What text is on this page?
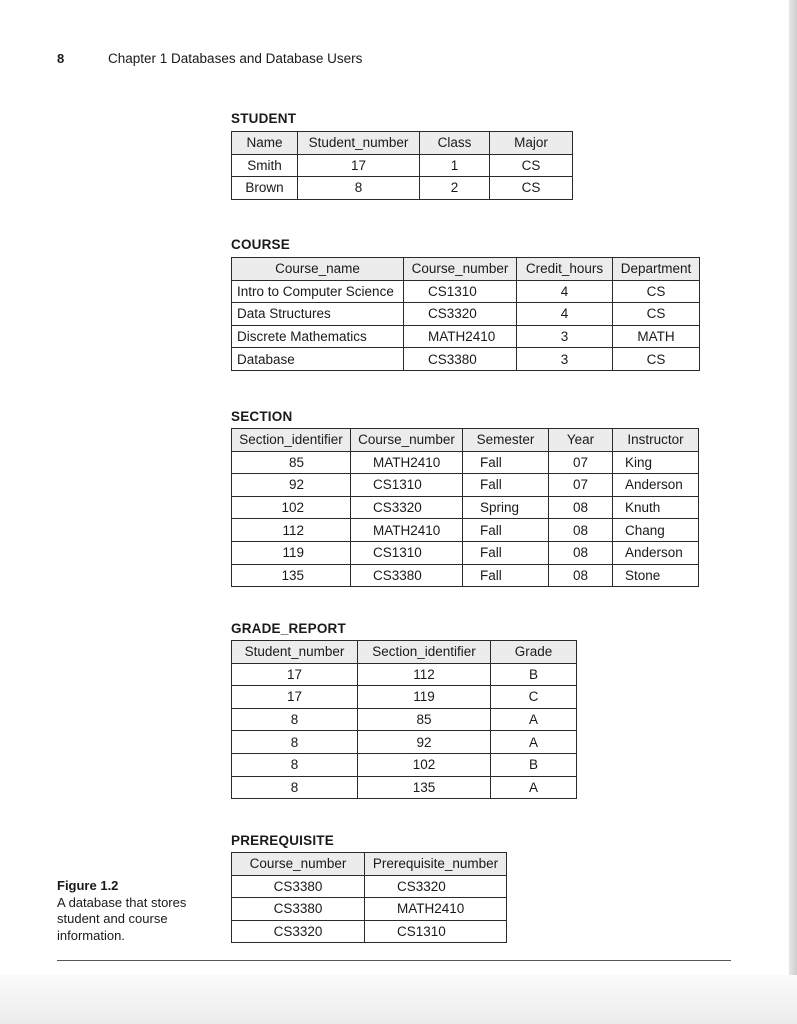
8	Chapter 1 Databases and Database Users
STUDENT
Name	Student_number	Class	Major
Smith	17	1	CS
Brown	8	2	CS
COURSE
Course_name	Course_number	Credit_hours	Department
Intro to Computer Science	CS1310	4	CS
Data Structures	CS3320	4	CS
Discrete Mathematics	MATH2410	3	MATH
Database	CS3380	3	CS
SECTION
Section_identifier	Course_number	Semester	Year	Instructor
85	MATH2410	Fall	07	King
92	CS1310	Fall	07	Anderson
102	CS3320	Spring	08	Knuth
112	MATH2410	Fall	08	Chang
119	CS1310	Fall	08	Anderson
135	CS3380	Fall	08	Stone
GRADE_REPORT
Student_number	Section_identifier	Grade
17	112	B
17	119	C
8	85	A
8	92	A
8	102	B
8	135	A
PREREQUISITE
Course_number	Prerequisite_number
CS3380	CS3320
CS3380	MATH2410
CS3320	CS1310
Figure 1.2
A database that stores student and course information.
